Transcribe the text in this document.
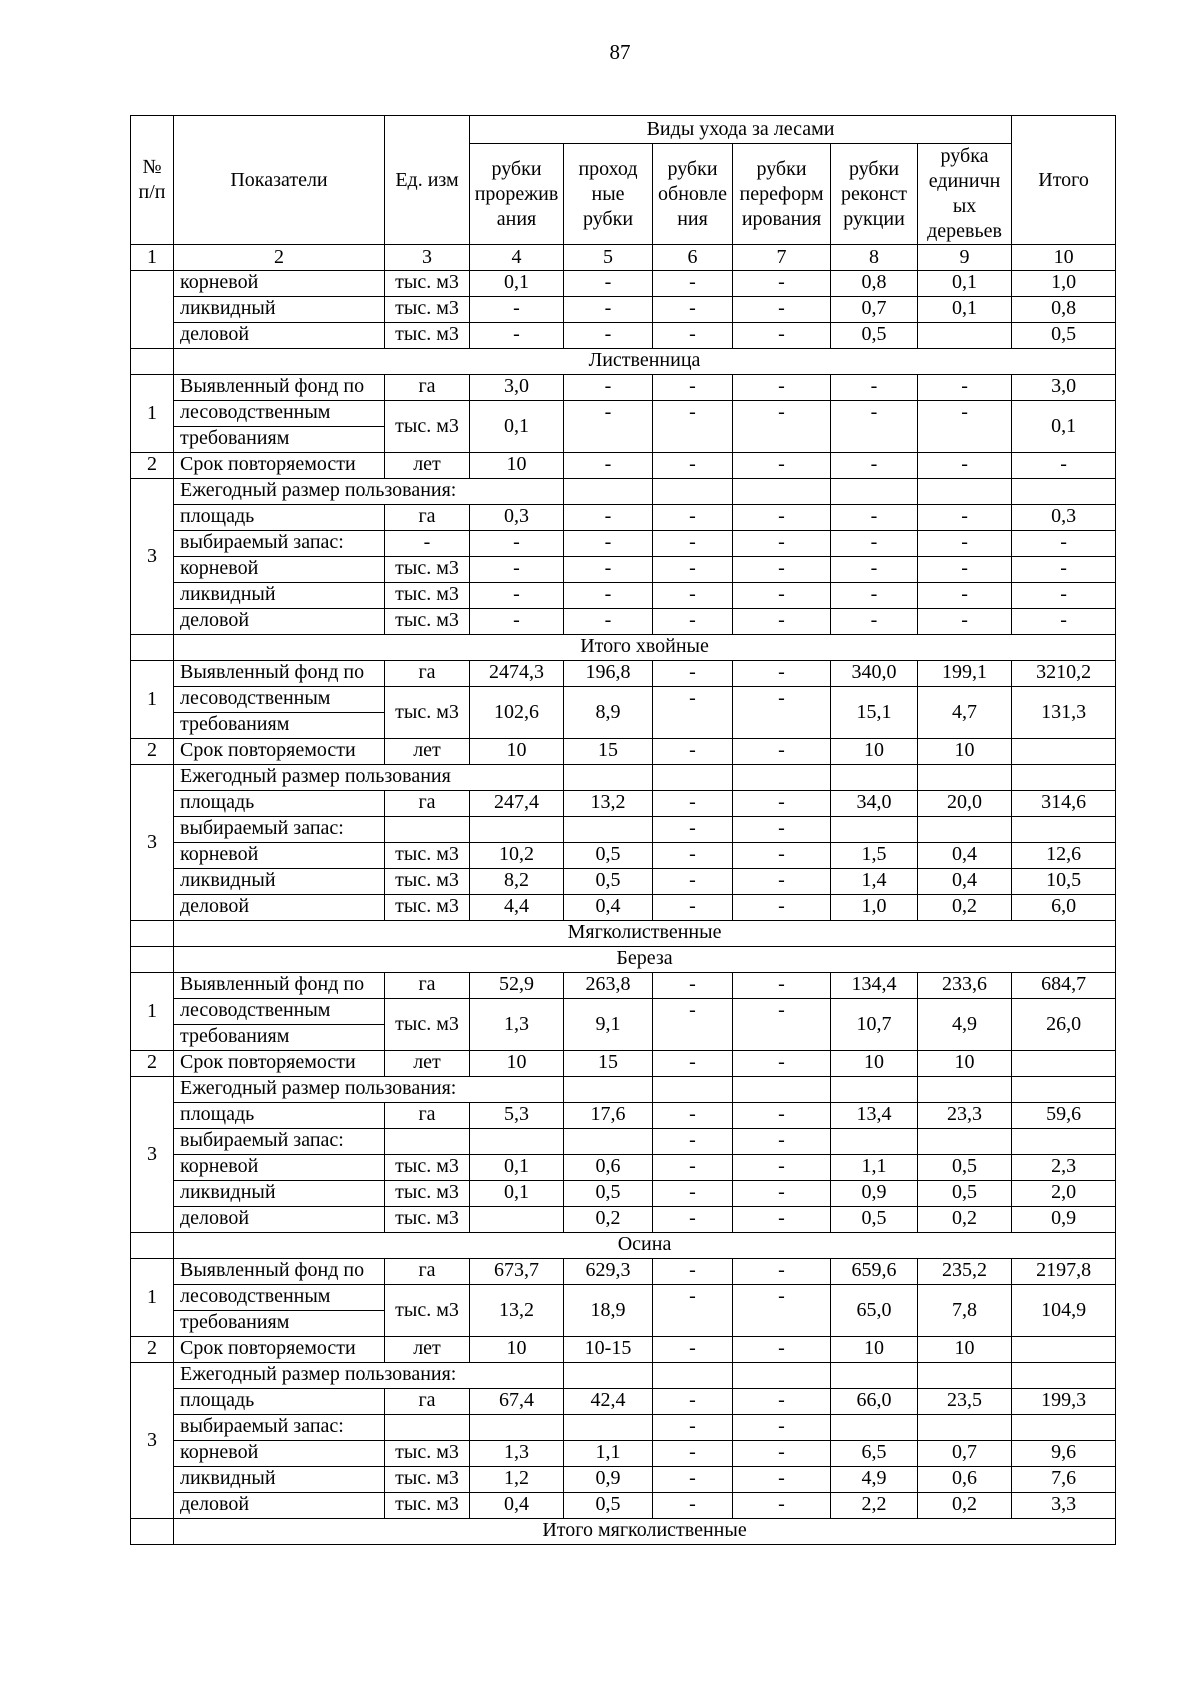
87
№ п/п	Показатели	Ед. изм	Виды ухода за лесами						Итого
			рубки прорежив ания	проход ные рубки	рубки обновле ния	рубки переформ ирования	рубки реконст рукции	рубка единичн ых деревьев	
1	2	3	4	5	6	7	8	9	10
	корневой	тыс. м3	0,1	-	-	-	0,8	0,1	1,0
	ликвидный	тыс. м3	-	-	-	-	0,7	0,1	0,8
	деловой	тыс. м3	-	-	-	-	0,5		0,5
	Лиственница								
1	Выявленный фонд по	га	3,0	-	-	-	-	-	3,0
	лесоводственным	тыс. м3	0,1	-	-	-	-	-	0,1
	требованиям								
2	Срок повторяемости	лет	10	-	-	-	-	-	-
3	Ежегодный размер пользования:								
	площадь	га	0,3	-	-	-	-	-	0,3
	выбираемый запас:	-	-	-	-	-	-	-	-
	корневой	тыс. м3	-	-	-	-	-	-	-
	ликвидный	тыс. м3	-	-	-	-	-	-	-
	деловой	тыс. м3	-	-	-	-	-	-	-
	Итого хвойные								
1	Выявленный фонд по	га	2474,3	196,8	-	-	340,0	199,1	3210,2
	лесоводственным	тыс. м3	102,6	8,9	-	-	15,1	4,7	131,3
	требованиям								
2	Срок повторяемости	лет	10	15	-	-	10	10	
3	Ежегодный размер пользования								
	площадь	га	247,4	13,2	-	-	34,0	20,0	314,6
	выбираемый запас:				-	-			
	корневой	тыс. м3	10,2	0,5	-	-	1,5	0,4	12,6
	ликвидный	тыс. м3	8,2	0,5	-	-	1,4	0,4	10,5
	деловой	тыс. м3	4,4	0,4	-	-	1,0	0,2	6,0
	Мягколиственные								
	Береза								
1	Выявленный фонд по	га	52,9	263,8	-	-	134,4	233,6	684,7
	лесоводственным	тыс. м3	1,3	9,1	-	-	10,7	4,9	26,0
	требованиям								
2	Срок повторяемости	лет	10	15	-	-	10	10	
3	Ежегодный размер пользования:								
	площадь	га	5,3	17,6	-	-	13,4	23,3	59,6
	выбираемый запас:				-	-			
	корневой	тыс. м3	0,1	0,6	-	-	1,1	0,5	2,3
	ликвидный	тыс. м3	0,1	0,5	-	-	0,9	0,5	2,0
	деловой	тыс. м3		0,2	-	-	0,5	0,2	0,9
	Осина								
1	Выявленный фонд по	га	673,7	629,3	-	-	659,6	235,2	2197,8
	лесоводственным	тыс. м3	13,2	18,9	-	-	65,0	7,8	104,9
	требованиям								
2	Срок повторяемости	лет	10	10-15	-	-	10	10	
3	Ежегодный размер пользования:								
	площадь	га	67,4	42,4	-	-	66,0	23,5	199,3
	выбираемый запас:				-	-			
	корневой	тыс. м3	1,3	1,1	-	-	6,5	0,7	9,6
	ликвидный	тыс. м3	1,2	0,9	-	-	4,9	0,6	7,6
	деловой	тыс. м3	0,4	0,5	-	-	2,2	0,2	3,3
	Итого мягколиственные								
